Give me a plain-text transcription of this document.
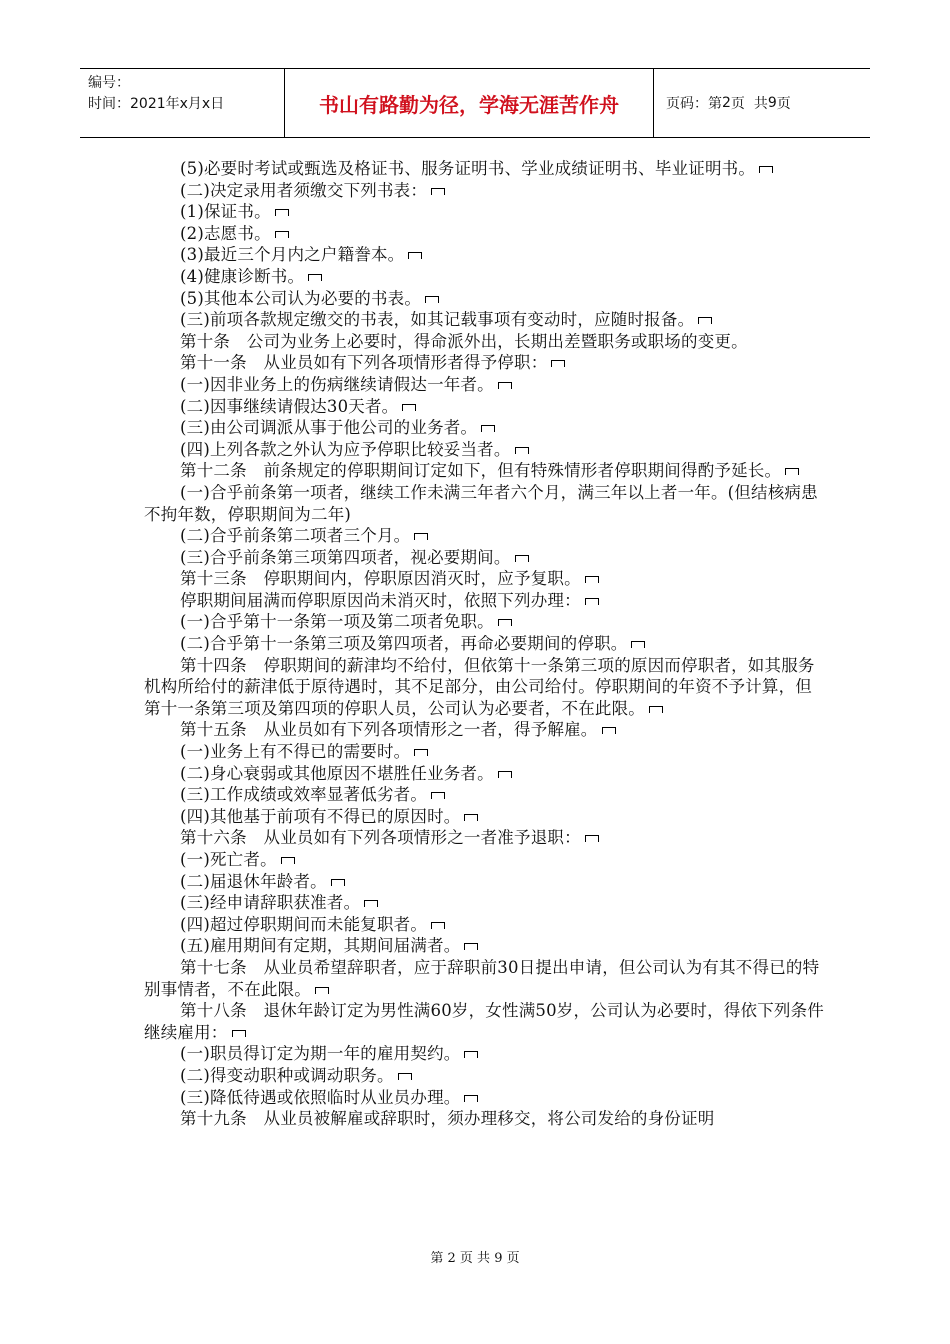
编号：
时间：2021年x月x日	书山有路勤为径，学海无涯苦作舟	页码：第 2 页  共 9 页

(5)必要时考试或甄选及格证书、服务证明书、学业成绩证明书、毕业证明书。

(二)决定录用者须缴交下列书表：

(1)保证书。

(2)志愿书。

(3)最近三个月内之户籍誊本。

(4)健康诊断书。

(5)其他本公司认为必要的书表。

(三)前项各款规定缴交的书表，如其记载事项有变动时，应随时报备。

第十条　公司为业务上必要时，得命派外出，长期出差暨职务或职场的变更。

第十一条　从业员如有下列各项情形者得予停职：

(一)因非业务上的伤病继续请假达一年者。

(二)因事继续请假达30天者。

(三)由公司调派从事于他公司的业务者。

(四)上列各款之外认为应予停职比较妥当者。

第十二条　前条规定的停职期间订定如下，但有特殊情形者停职期间得酌予延长。

(一)合乎前条第一项者，继续工作未满三年者六个月，满三年以上者一年。(但结核病患不拘年数，停职期间为二年)

(二)合乎前条第二项者三个月。

(三)合乎前条第三项第四项者，视必要期间。

第十三条　停职期间内，停职原因消灭时，应予复职。

停职期间届满而停职原因尚未消灭时，依照下列办理：

(一)合乎第十一条第一项及第二项者免职。

(二)合乎第十一条第三项及第四项者，再命必要期间的停职。

第十四条　停职期间的薪津均不给付，但依第十一条第三项的原因而停职者，如其服务机构所给付的薪津低于原待遇时，其不足部分，由公司给付。停职期间的年资不予计算，但第十一条第三项及第四项的停职人员，公司认为必要者，不在此限。

第十五条　从业员如有下列各项情形之一者，得予解雇。

(一)业务上有不得已的需要时。

(二)身心衰弱或其他原因不堪胜任业务者。

(三)工作成绩或效率显著低劣者。

(四)其他基于前项有不得已的原因时。

第十六条　从业员如有下列各项情形之一者准予退职：

(一)死亡者。

(二)届退休年龄者。

(三)经申请辞职获准者。

(四)超过停职期间而未能复职者。

(五)雇用期间有定期，其期间届满者。

第十七条　从业员希望辞职者，应于辞职前30日提出申请，但公司认为有其不得已的特别事情者，不在此限。

第十八条　退休年龄订定为男性满60岁，女性满50岁，公司认为必要时，得依下列条件继续雇用：

(一)职员得订定为期一年的雇用契约。

(二)得变动职种或调动职务。

(三)降低待遇或依照临时从业员办理。

第十九条　从业员被解雇或辞职时，须办理移交，将公司发给的身份证明

第 2 页 共 9 页
